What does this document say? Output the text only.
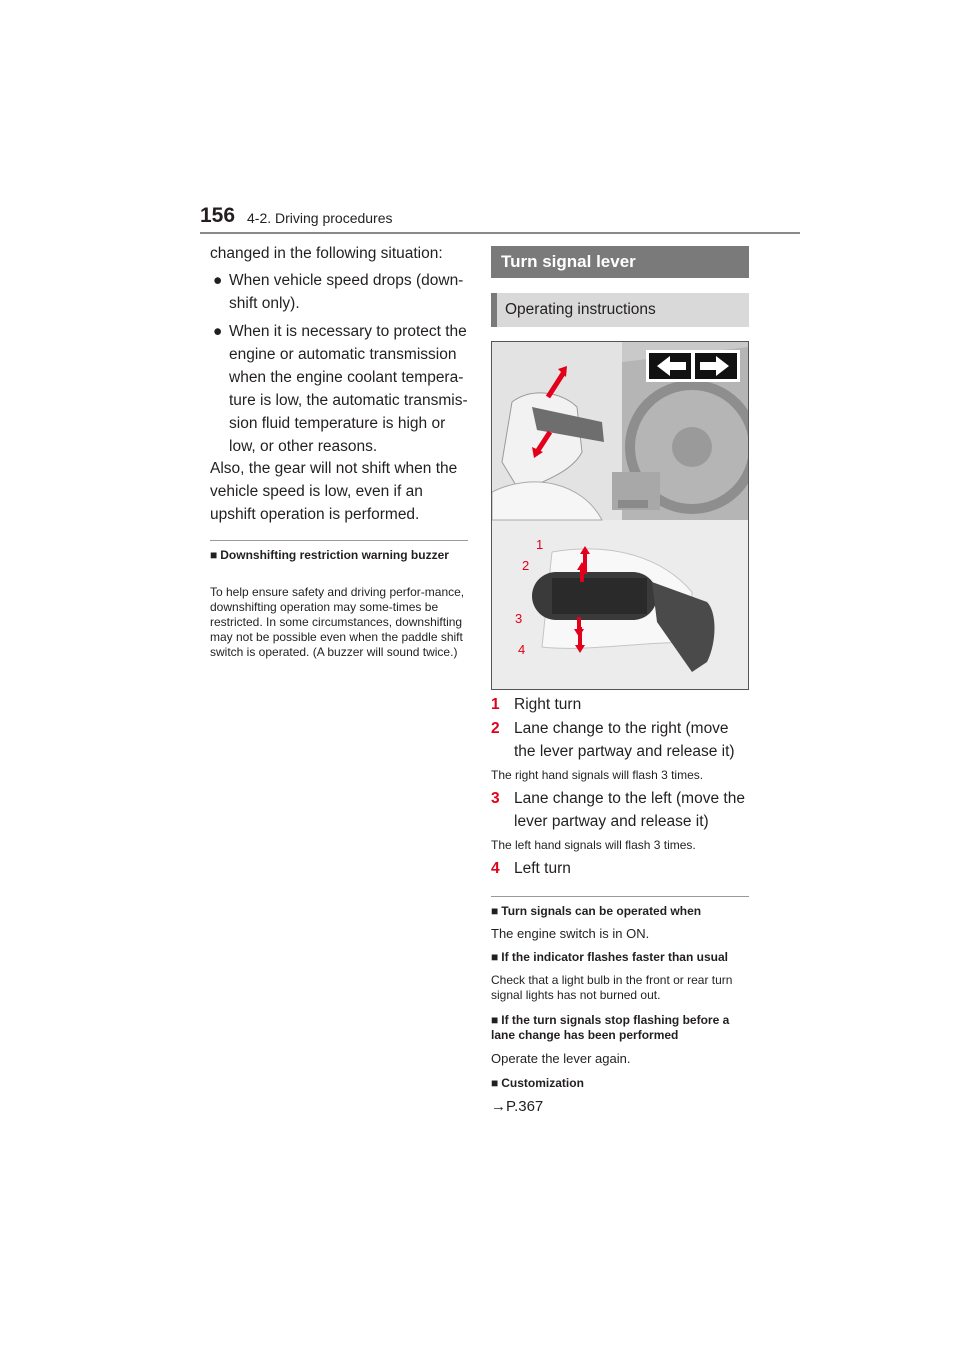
156 4-2. Driving procedures
changed in the following situation:
● When vehicle speed drops (down-shift only).
● When it is necessary to protect the engine or automatic transmission when the engine coolant tempera-ture is low, the automatic transmis-sion fluid temperature is high or low, or other reasons.
Also, the gear will not shift when the vehicle speed is low, even if an upshift operation is performed.
■ Downshifting restriction warning buzzer
To help ensure safety and driving perfor-mance, downshifting operation may some-times be restricted. In some circumstances, downshifting may not be possible even when the paddle shift switch is operated. (A buzzer will sound twice.)
Turn signal lever
Operating instructions
1
2
3
4
1 Right turn
2 Lane change to the right (move the lever partway and release it)
The right hand signals will flash 3 times.
3 Lane change to the left (move the lever partway and release it)
The left hand signals will flash 3 times.
4 Left turn
■ Turn signals can be operated when
The engine switch is in ON.
■ If the indicator flashes faster than usual
Check that a light bulb in the front or rear turn signal lights has not burned out.
■ If the turn signals stop flashing before a lane change has been performed
Operate the lever again.
■ Customization
→P.367
